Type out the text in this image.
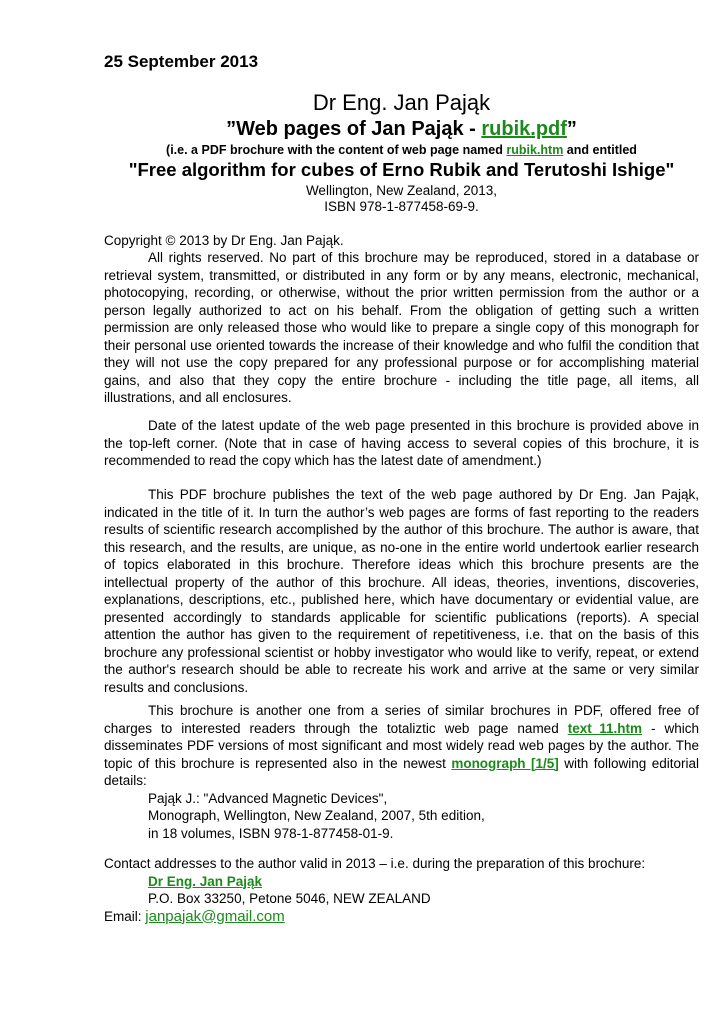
25 September 2013
Dr Eng. Jan Pająk
”Web pages of Jan Pająk - rubik.pdf”
(i.e. a PDF brochure with the content of web page named rubik.htm and entitled
"Free algorithm for cubes of Erno Rubik and Terutoshi Ishige"
Wellington, New Zealand, 2013,
ISBN 978-1-877458-69-9.
Copyright © 2013 by Dr Eng. Jan Pająk.
All rights reserved. No part of this brochure may be reproduced, stored in a database or retrieval system, transmitted, or distributed in any form or by any means, electronic, mechanical, photocopying, recording, or otherwise, without the prior written permission from the author or a person legally authorized to act on his behalf. From the obligation of getting such a written permission are only released those who would like to prepare a single copy of this monograph for their personal use oriented towards the increase of their knowledge and who fulfil the condition that they will not use the copy prepared for any professional purpose or for accomplishing material gains, and also that they copy the entire brochure - including the title page, all items, all illustrations, and all enclosures.
Date of the latest update of the web page presented in this brochure is provided above in the top-left corner. (Note that in case of having access to several copies of this brochure, it is recommended to read the copy which has the latest date of amendment.)
This PDF brochure publishes the text of the web page authored by Dr Eng. Jan Pająk, indicated in the title of it. In turn the author’s web pages are forms of fast reporting to the readers results of scientific research accomplished by the author of this brochure. The author is aware, that this research, and the results, are unique, as no-one in the entire world undertook earlier research of topics elaborated in this brochure. Therefore ideas which this brochure presents are the intellectual property of the author of this brochure. All ideas, theories, inventions, discoveries, explanations, descriptions, etc., published here, which have documentary or evidential value, are presented accordingly to standards applicable for scientific publications (reports). A special attention the author has given to the requirement of repetitiveness, i.e. that on the basis of this brochure any professional scientist or hobby investigator who would like to verify, repeat, or extend the author's research should be able to recreate his work and arrive at the same or very similar results and conclusions.
This brochure is another one from a series of similar brochures in PDF, offered free of charges to interested readers through the totaliztic web page named text_11.htm - which disseminates PDF versions of most significant and most widely read web pages by the author. The topic of this brochure is represented also in the newest monograph [1/5] with following editorial details:
Pająk J.: "Advanced Magnetic Devices",
Monograph, Wellington, New Zealand, 2007, 5th edition,
in 18 volumes, ISBN 978-1-877458-01-9.
Contact addresses to the author valid in 2013 – i.e. during the preparation of this brochure:
Dr Eng. Jan Pająk
P.O. Box 33250, Petone 5046, NEW ZEALAND
Email: janpajak@gmail.com
